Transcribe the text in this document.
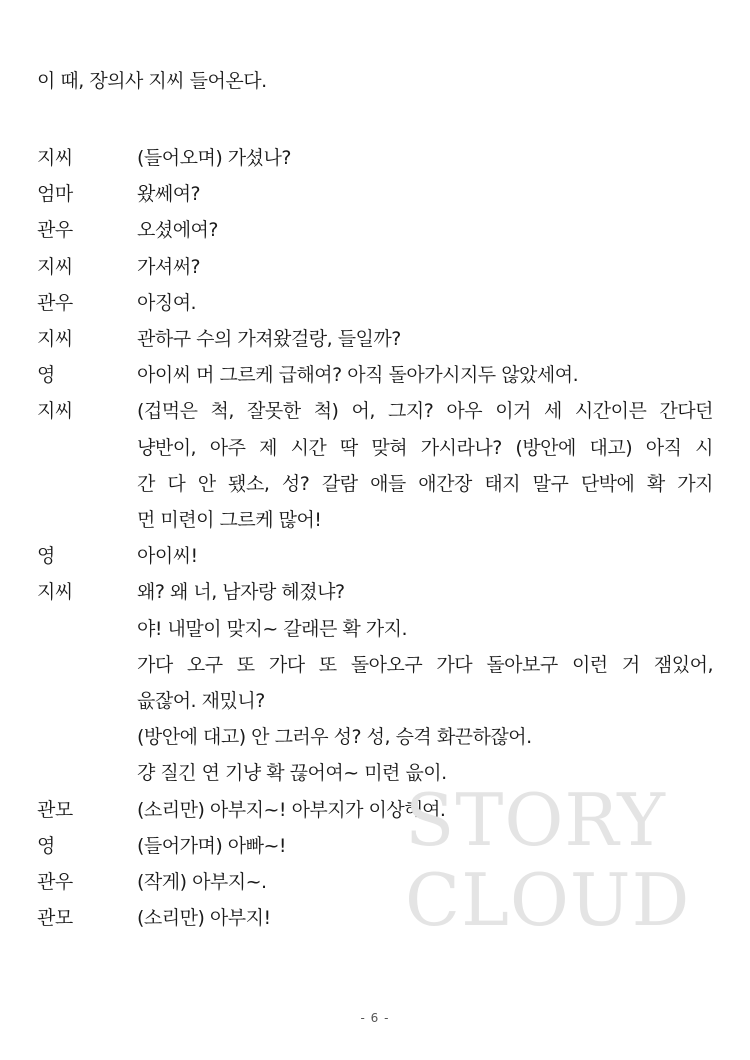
이 때, 장의사 지씨 들어온다.
지씨	(들어오며) 가셨나?
엄마	왔쎄여?
관우	오셨에여?
지씨	가셔써?
관우	아징여.
지씨	관하구 수의 가져왔걸랑, 들일까?
영	아이씨 머 그르케 급해여? 아직 돌아가시지두 않았세여.
지씨	(겁먹은 척, 잘못한 척) 어, 그지? 아우 이거 세 시간이믄 간다던
냥반이, 아주 제 시간 딱 맞혀 가시라나? (방안에 대고) 아직 시
간 다 안 됐소, 성? 갈람 애들 애간장 태지 말구 단박에 확 가지
먼 미련이 그르케 많어!
영	아이씨!
지씨	왜? 왜 너, 남자랑 헤졌냐?
야! 내말이 맞지~ 갈래믄 확 가지.
가다 오구 또 가다 또 돌아오구 가다 돌아보구 이런 거 잼있어,
읎잖어. 재밌니?
(방안에 대고) 안 그러우 성? 성, 승격 화끈하잖어.
걍 질긴 연 기냥 확 끊어여~ 미련 읎이.
관모	(소리만) 아부지~! 아부지가 이상해여.
영	(들어가며) 아빠~!
관우	(작게) 아부지~.
관모	(소리만) 아부지!
STORY
CLOUD
- 6 -
